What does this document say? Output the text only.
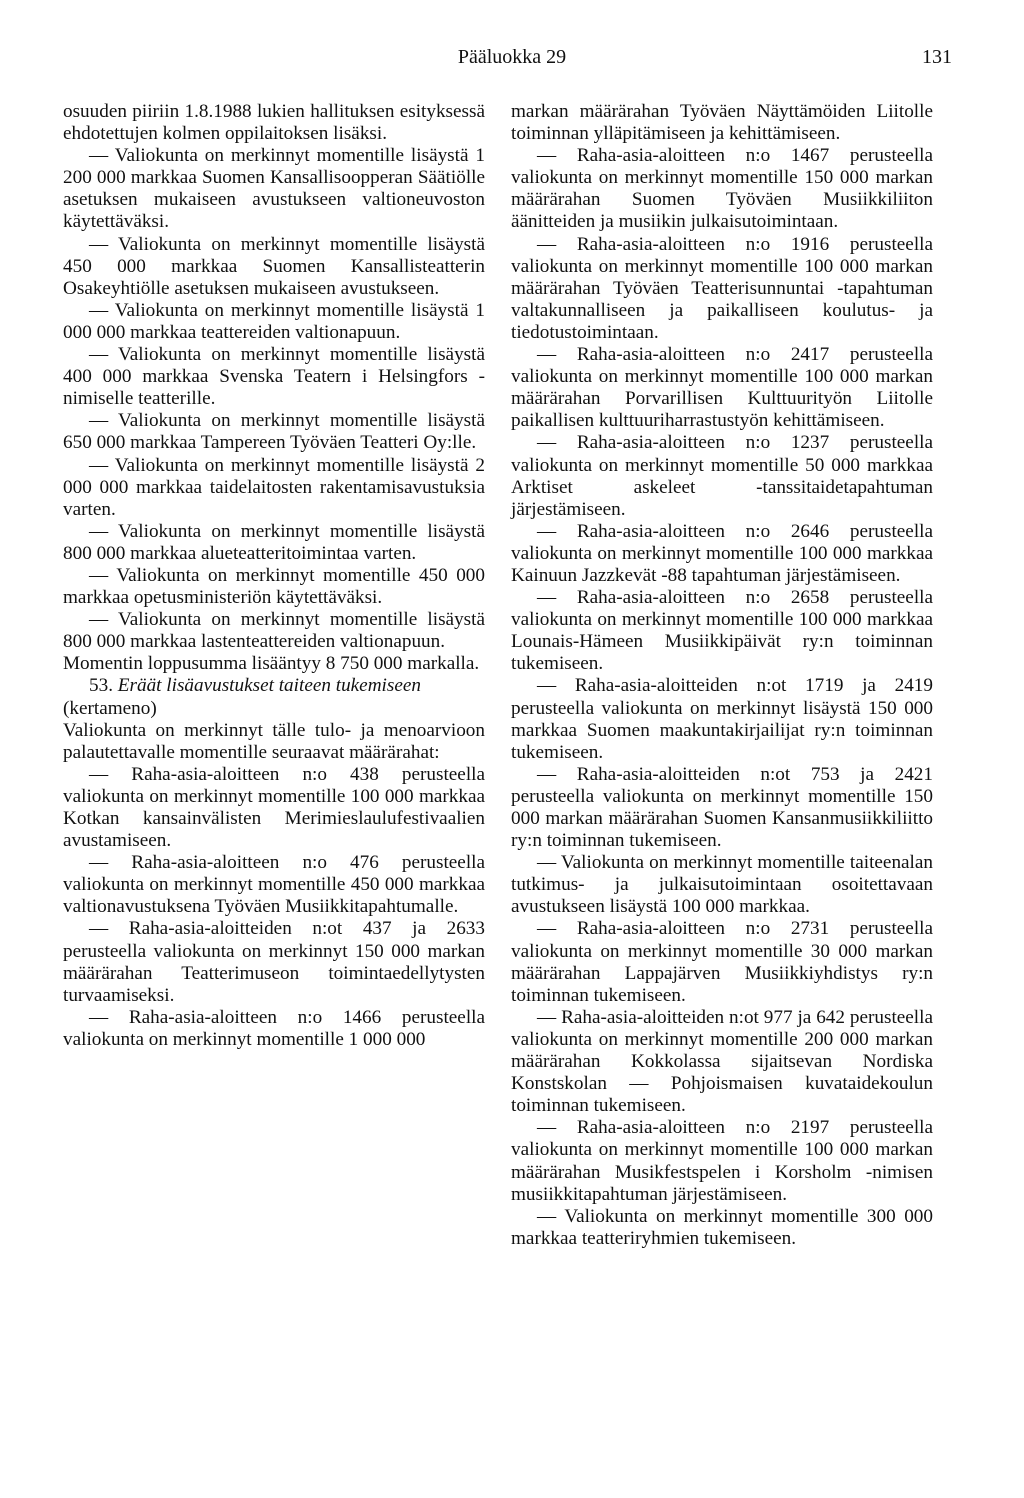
Pääluokka 29	131

osuuden piiriin 1.8.1988 lukien hallituksen esityksessä ehdotettujen kolmen oppilaitoksen lisäksi.

— Valiokunta on merkinnyt momentille lisäystä 1 200 000 markkaa Suomen Kansallisoopperan Säätiölle asetuksen mukaiseen avustukseen valtioneuvoston käytettäväksi.

— Valiokunta on merkinnyt momentille lisäystä 450 000 markkaa Suomen Kansallisteatterin Osakeyhtiölle asetuksen mukaiseen avustukseen.

— Valiokunta on merkinnyt momentille lisäystä 1 000 000 markkaa teattereiden valtionapuun.

— Valiokunta on merkinnyt momentille lisäystä 400 000 markkaa Svenska Teatern i Helsingfors -nimiselle teatterille.

— Valiokunta on merkinnyt momentille lisäystä 650 000 markkaa Tampereen Työväen Teatteri Oy:lle.

— Valiokunta on merkinnyt momentille lisäystä 2 000 000 markkaa taidelaitosten rakentamisavustuksia varten.

— Valiokunta on merkinnyt momentille lisäystä 800 000 markkaa alueteatteritoimintaa varten.

— Valiokunta on merkinnyt momentille 450 000 markkaa opetusministeriön käytettäväksi.

— Valiokunta on merkinnyt momentille lisäystä 800 000 markkaa lastenteattereiden valtionapuun.

Momentin loppusumma lisääntyy 8 750 000 markalla.

53. Eräät lisäavustukset taiteen tukemiseen

(kertameno)

Valiokunta on merkinnyt tälle tulo- ja menoarvioon palautettavalle momentille seuraavat määrärahat:

— Raha-asia-aloitteen n:o 438 perusteella valiokunta on merkinnyt momentille 100 000 markkaa Kotkan kansainvälisten Merimieslaulufestivaalien avustamiseen.

— Raha-asia-aloitteen n:o 476 perusteella valiokunta on merkinnyt momentille 450 000 markkaa valtionavustuksena Työväen Musiikkitapahtumalle.

— Raha-asia-aloitteiden n:ot 437 ja 2633 perusteella valiokunta on merkinnyt 150 000 markan määrärahan Teatterimuseon toimintaedellytysten turvaamiseksi.

— Raha-asia-aloitteen n:o 1466 perusteella valiokunta on merkinnyt momentille 1 000 000

markan määrärahan Työväen Näyttämöiden Liitolle toiminnan ylläpitämiseen ja kehittämiseen.

— Raha-asia-aloitteen n:o 1467 perusteella valiokunta on merkinnyt momentille 150 000 markan määrärahan Suomen Työväen Musiikkiliiton äänitteiden ja musiikin julkaisutoimintaan.

— Raha-asia-aloitteen n:o 1916 perusteella valiokunta on merkinnyt momentille 100 000 markan määrärahan Työväen Teatterisunnuntai -tapahtuman valtakunnalliseen ja paikalliseen koulutus- ja tiedotustoimintaan.

— Raha-asia-aloitteen n:o 2417 perusteella valiokunta on merkinnyt momentille 100 000 markan määrärahan Porvarillisen Kulttuurityön Liitolle paikallisen kulttuuriharrastustyön kehittämiseen.

— Raha-asia-aloitteen n:o 1237 perusteella valiokunta on merkinnyt momentille 50 000 markkaa Arktiset askeleet -tanssitaidetapahtuman järjestämiseen.

— Raha-asia-aloitteen n:o 2646 perusteella valiokunta on merkinnyt momentille 100 000 markkaa Kainuun Jazzkevät -88 tapahtuman järjestämiseen.

— Raha-asia-aloitteen n:o 2658 perusteella valiokunta on merkinnyt momentille 100 000 markkaa Lounais-Hämeen Musiikkipäivät ry:n toiminnan tukemiseen.

— Raha-asia-aloitteiden n:ot 1719 ja 2419 perusteella valiokunta on merkinnyt lisäystä 150 000 markkaa Suomen maakuntakirjailijat ry:n toiminnan tukemiseen.

— Raha-asia-aloitteiden n:ot 753 ja 2421 perusteella valiokunta on merkinnyt momentille 150 000 markan määrärahan Suomen Kansanmusiikkiliitto ry:n toiminnan tukemiseen.

— Valiokunta on merkinnyt momentille taiteenalan tutkimus- ja julkaisutoimintaan osoitettavaan avustukseen lisäystä 100 000 markkaa.

— Raha-asia-aloitteen n:o 2731 perusteella valiokunta on merkinnyt momentille 30 000 markan määrärahan Lappajärven Musiikkiyhdistys ry:n toiminnan tukemiseen.

— Raha-asia-aloitteiden n:ot 977 ja 642 perusteella valiokunta on merkinnyt momentille 200 000 markan määrärahan Kokkolassa sijaitsevan Nordiska Konstskolan — Pohjoismaisen kuvataidekoulun toiminnan tukemiseen.

— Raha-asia-aloitteen n:o 2197 perusteella valiokunta on merkinnyt momentille 100 000 markan määrärahan Musikfestspelen i Korsholm -nimisen musiikkitapahtuman järjestämiseen.

— Valiokunta on merkinnyt momentille 300 000 markkaa teatteriryhmien tukemiseen.
